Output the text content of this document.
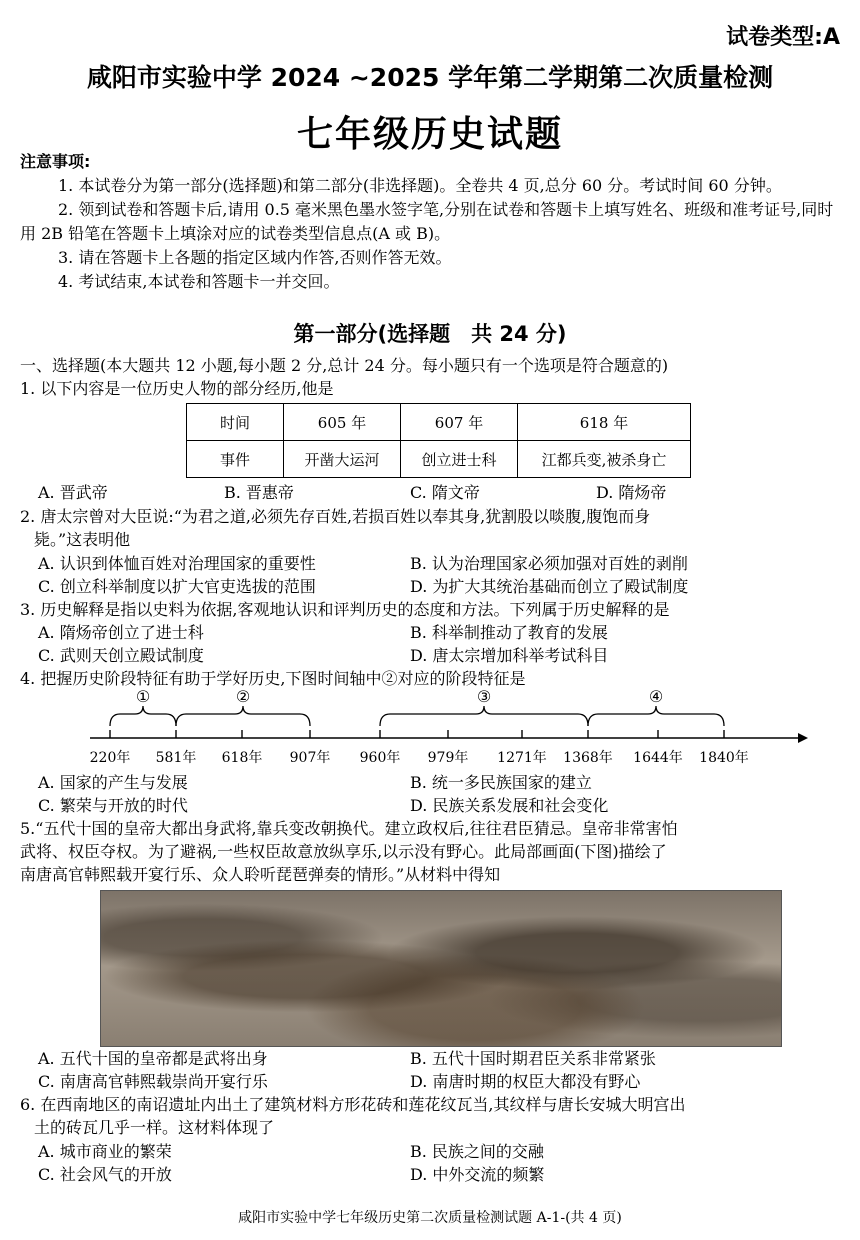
试卷类型:A
咸阳市实验中学 2024 ~2025 学年第二学期第二次质量检测
七年级历史试题

注意事项:

1. 本试卷分为第一部分(选择题)和第二部分(非选择题)。全卷共 4 页,总分 60 分。考试时间 60 分钟。

2. 领到试卷和答题卡后,请用 0.5 毫米黑色墨水签字笔,分别在试卷和答题卡上填写姓名、班级和准考证号,同时用 2B 铅笔在答题卡上填涂对应的试卷类型信息点(A 或 B)。

3. 请在答题卡上各题的指定区域内作答,否则作答无效。

4. 考试结束,本试卷和答题卡一并交回。

第一部分(选择题　共 24 分)
一、选择题(本大题共 12 小题,每小题 2 分,总计 24 分。每小题只有一个选项是符合题意的)
1. 以下内容是一位历史人物的部分经历,他是
时间	605 年	607 年	618 年
事件	开凿大运河	创立进士科	江都兵变,被杀身亡
A. 晋武帝	B. 晋惠帝	C. 隋文帝	D. 隋炀帝
2. 唐太宗曾对大臣说:“为君之道,必须先存百姓,若损百姓以奉其身,犹割股以啖腹,腹饱而身
毙。”这表明他
A. 认识到体恤百姓对治理国家的重要性	B. 认为治理国家必须加强对百姓的剥削
C. 创立科举制度以扩大官吏选拔的范围	D. 为扩大其统治基础而创立了殿试制度
3. 历史解释是指以史料为依据,客观地认识和评判历史的态度和方法。下列属于历史解释的是
A. 隋炀帝创立了进士科	B. 科举制推动了教育的发展
C. 武则天创立殿试制度	D. 唐太宗增加科举考试科目
4. 把握历史阶段特征有助于学好历史,下图时间轴中②对应的阶段特征是
220年 581年 618年 907年 960年 979年 1271年 1368年 1644年 1840年
①	②	③	④
A. 国家的产生与发展	B. 统一多民族国家的建立
C. 繁荣与开放的时代	D. 民族关系发展和社会变化
5.“五代十国的皇帝大都出身武将,靠兵变改朝换代。建立政权后,往往君臣猜忌。皇帝非常害怕
武将、权臣夺权。为了避祸,一些权臣故意放纵享乐,以示没有野心。此局部画面(下图)描绘了
南唐高官韩熙载开宴行乐、众人聆听琵琶弹奏的情形。”从材料中得知
A. 五代十国的皇帝都是武将出身	B. 五代十国时期君臣关系非常紧张
C. 南唐高官韩熙载崇尚开宴行乐	D. 南唐时期的权臣大都没有野心
6. 在西南地区的南诏遗址内出土了建筑材料方形花砖和莲花纹瓦当,其纹样与唐长安城大明宫出
土的砖瓦几乎一样。这材料体现了
A. 城市商业的繁荣	B. 民族之间的交融
C. 社会风气的开放	D. 中外交流的频繁
咸阳市实验中学七年级历史第二次质量检测试题 A-1-(共 4 页)
